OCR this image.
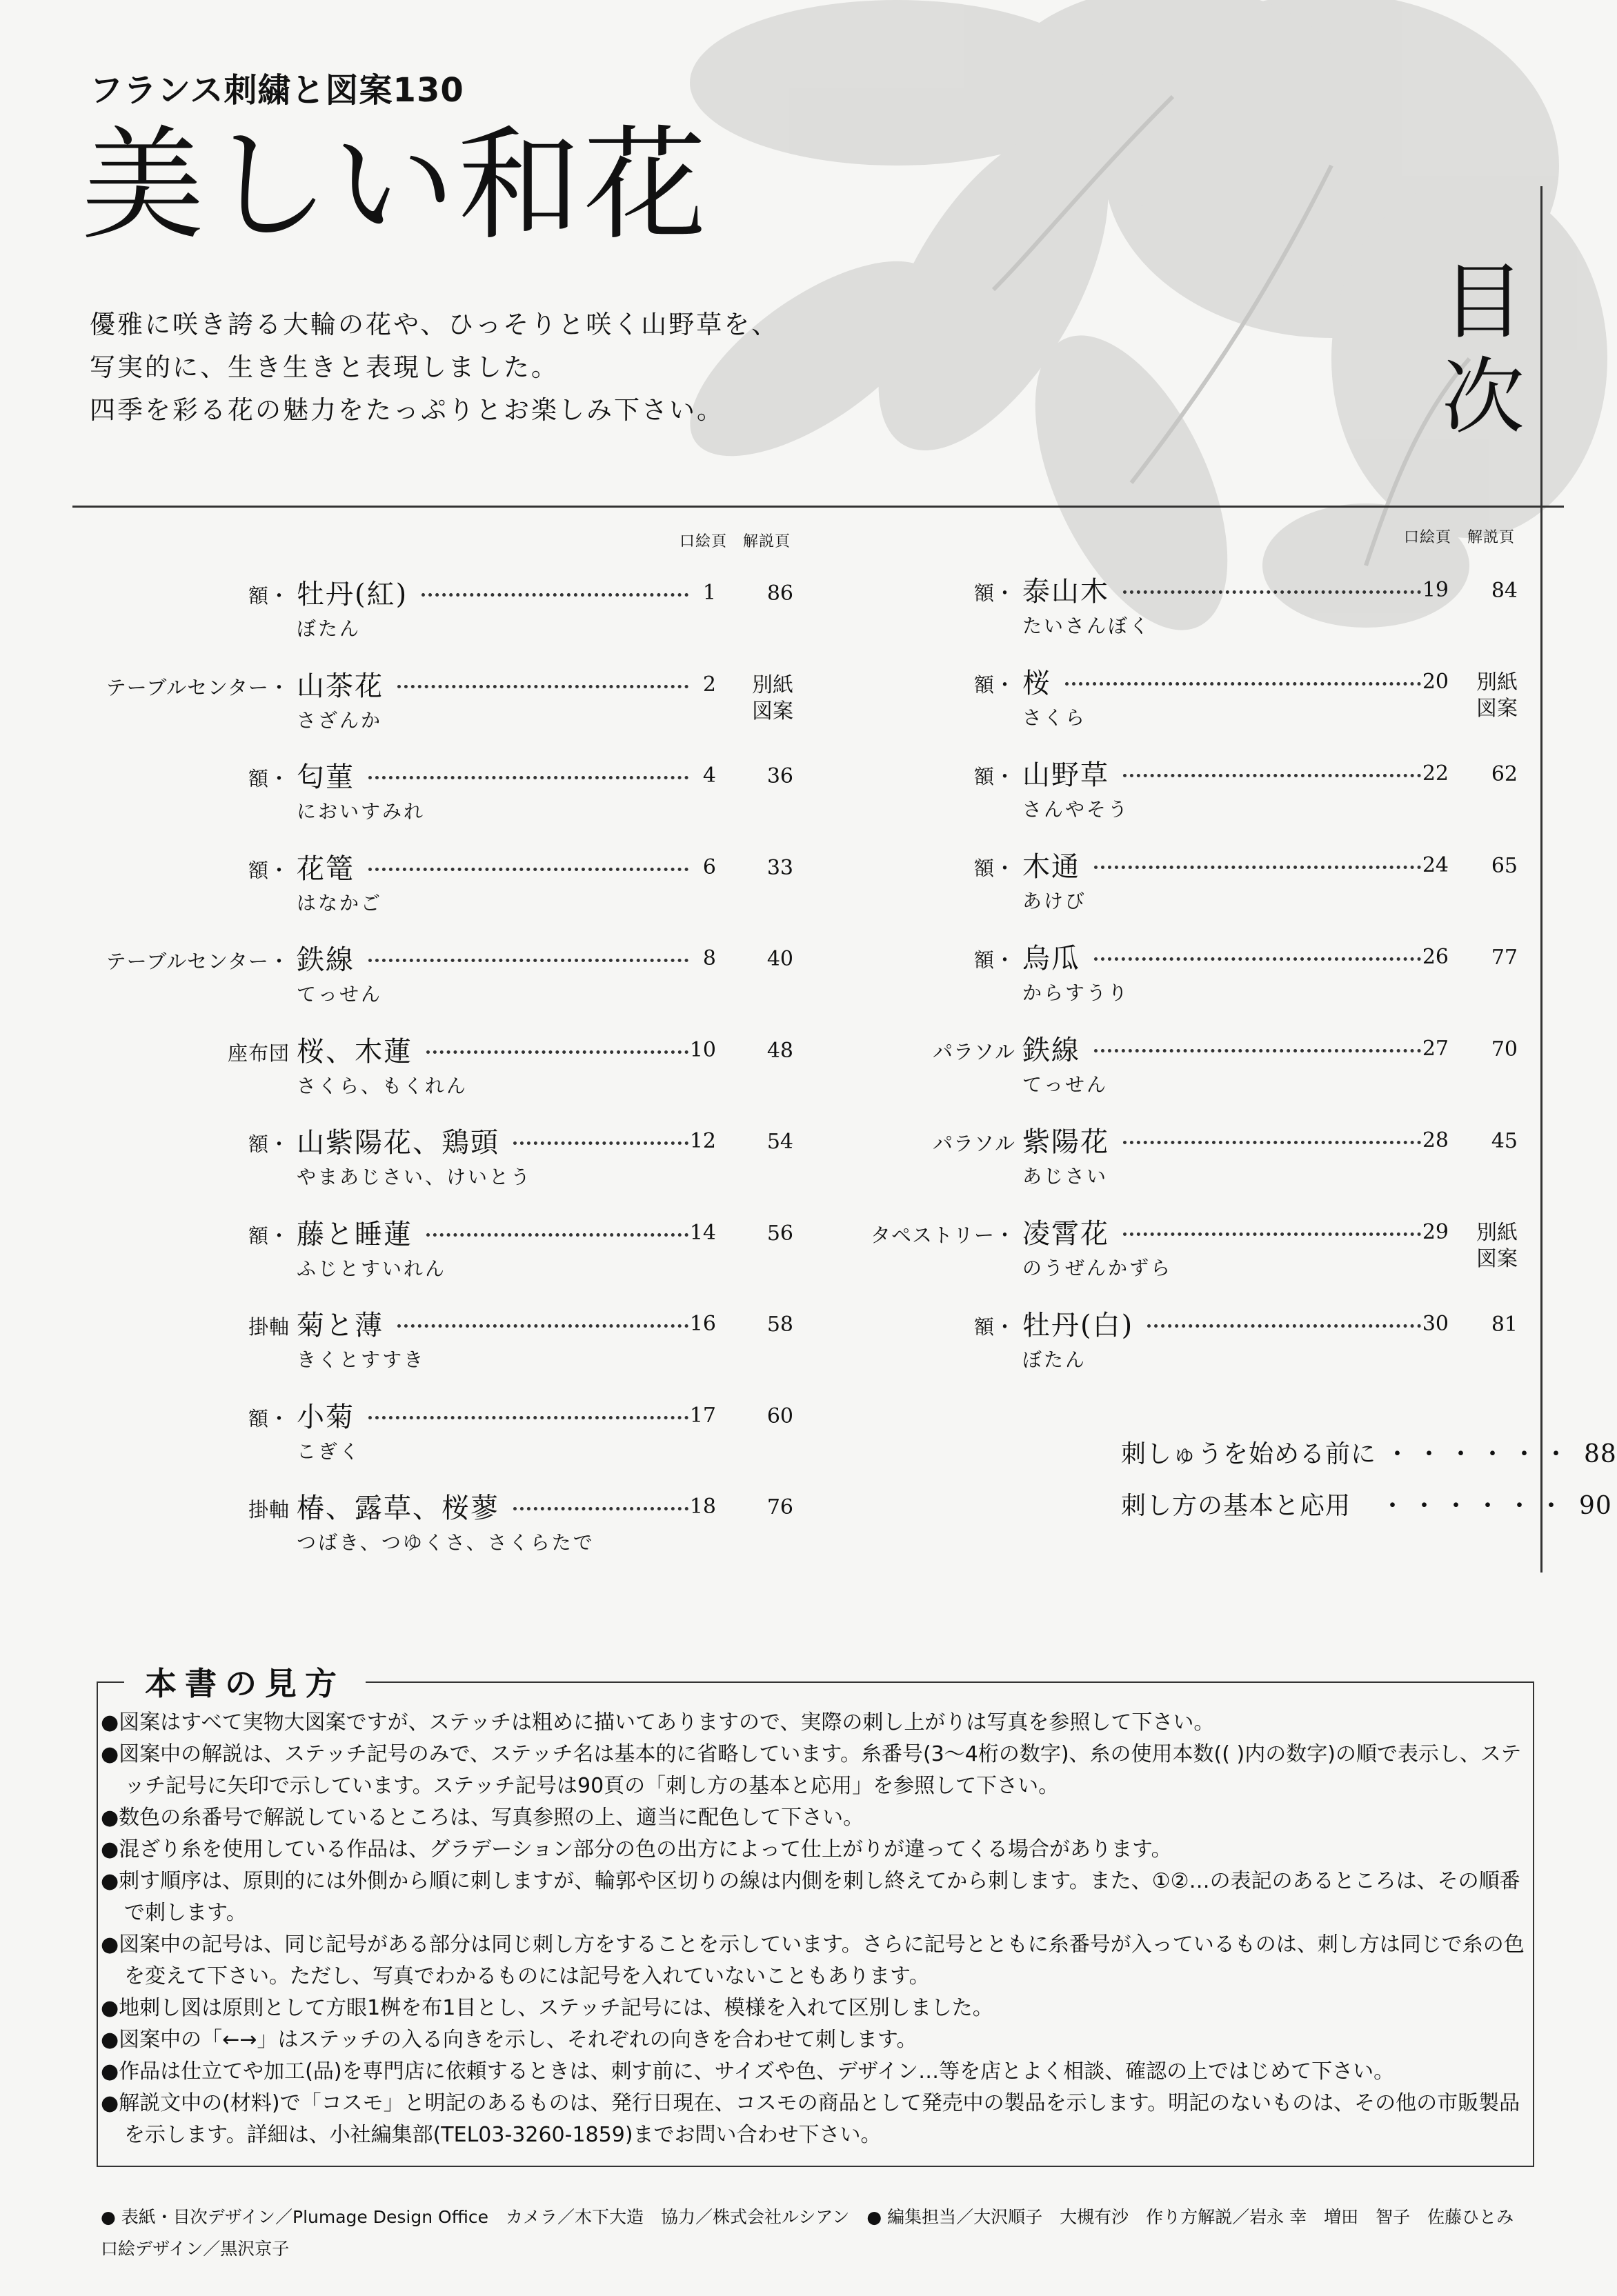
フランス刺繍と図案130
美しい和花
優雅に咲き誇る大輪の花や、ひっそりと咲く山野草を、
写実的に、生き生きと表現しました。
四季を彩る花の魅力をたっぷりとお楽しみ下さい。
目
次
口絵頁　解説頁	口絵頁　解説頁
額・ 牡丹(紅)	1	86
ぼたん
テーブルセンター・ 山茶花	2	別紙
図案
さざんか
額・ 匂菫	4	36
においすみれ
額・ 花篭	6	33
はなかご
テーブルセンター・ 鉄線	8	40
てっせん
座布団 桜、木蓮	10	48
さくら、もくれん
額・ 山紫陽花、鶏頭	12	54
やまあじさい、けいとう
額・ 藤と睡蓮	14	56
ふじとすいれん
掛軸 菊と薄	16	58
きくとすすき
額・ 小菊	17	60
こぎく
掛軸 椿、露草、桜蓼	18	76
つばき、つゆくさ、さくらたで
額・ 泰山木	19	84
たいさんぼく
額・ 桜	20	別紙
図案
さくら
額・ 山野草	22	62
さんやそう
額・ 木通	24	65
あけび
額・ 烏瓜	26	77
からすうり
パラソル 鉄線	27	70
てっせん
パラソル 紫陽花	28	45
あじさい
タペストリー・ 凌霄花	29	別紙
図案
のうぜんかずら
額・ 牡丹(白)	30	81
ぼたん
刺しゅうを始める前に ・・・・・・ 88
刺し方の基本と応用 ・・・・・・ 90
本書の見方
●図案はすべて実物大図案ですが、ステッチは粗めに描いてありますので、実際の刺し上がりは写真を参照して下さい。
●図案中の解説は、ステッチ記号のみで、ステッチ名は基本的に省略しています。糸番号(3～4桁の数字)、糸の使用本数(( )内の数字)の順で表示し、ステッチ記号に矢印で示しています。ステッチ記号は90頁の「刺し方の基本と応用」を参照して下さい。
●数色の糸番号で解説しているところは、写真参照の上、適当に配色して下さい。
●混ざり糸を使用している作品は、グラデーション部分の色の出方によって仕上がりが違ってくる場合があります。
●刺す順序は、原則的には外側から順に刺しますが、輪郭や区切りの線は内側を刺し終えてから刺します。また、①②…の表記のあるところは、その順番で刺します。
●図案中の記号は、同じ記号がある部分は同じ刺し方をすることを示しています。さらに記号とともに糸番号が入っているものは、刺し方は同じで糸の色を変えて下さい。ただし、写真でわかるものには記号を入れていないこともあります。
●地刺し図は原則として方眼1桝を布1目とし、ステッチ記号には、模様を入れて区別しました。
●図案中の「←→」はステッチの入る向きを示し、それぞれの向きを合わせて刺します。
●作品は仕立てや加工(品)を専門店に依頼するときは、刺す前に、サイズや色、デザイン…等を店とよく相談、確認の上ではじめて下さい。
●解説文中の(材料)で「コスモ」と明記のあるものは、発行日現在、コスモの商品として発売中の製品を示します。明記のないものは、その他の市販製品を示します。詳細は、小社編集部(TEL03-3260-1859)までお問い合わせ下さい。
● 表紙・目次デザイン／Plumage Design Office　カメラ／木下大造　協力／株式会社ルシアン　● 編集担当／大沢順子　大槻有沙　作り方解説／岩永 幸　増田　智子　佐藤ひとみ
口絵デザイン／黒沢京子
